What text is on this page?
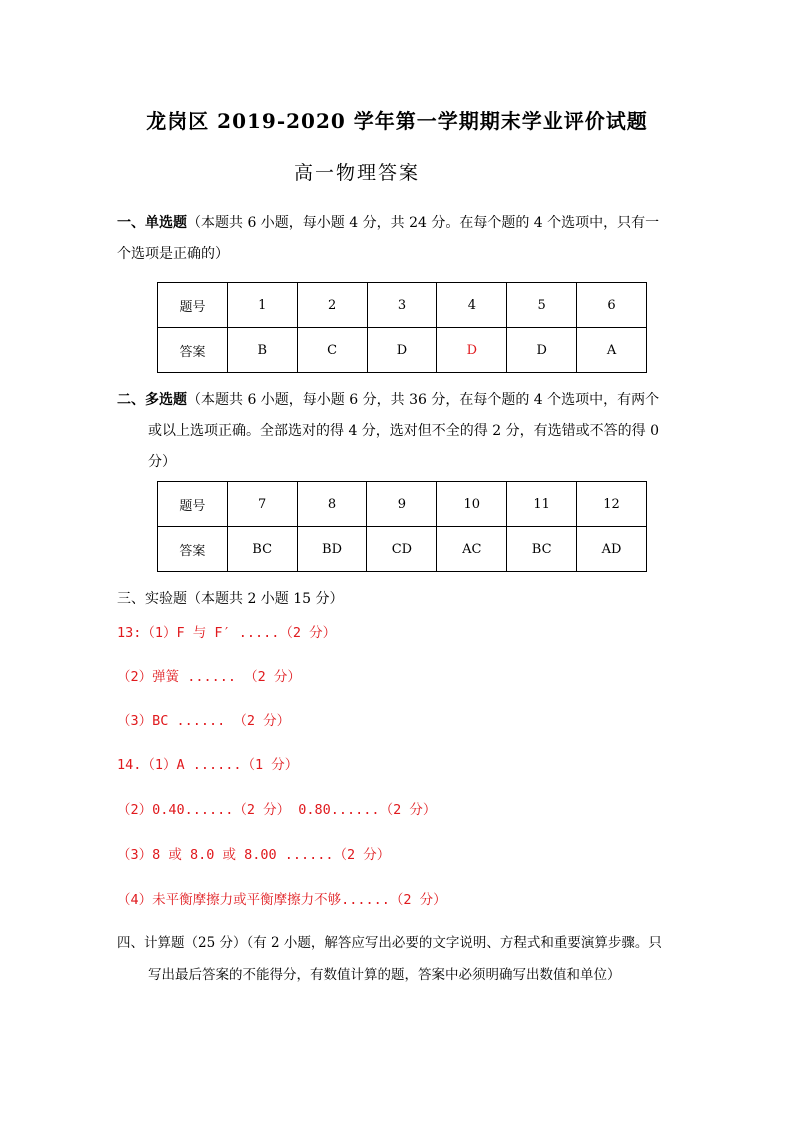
龙岗区 2019-2020 学年第一学期期末学业评价试题
高一物理答案
一、单选题（本题共 6 小题，每小题 4 分，共 24 分。在每个题的 4 个选项中，只有一
个选项是正确的）
题号	1	2	3	4	5	6
答案	B	C	D	D	D	A
二、多选题（本题共 6 小题，每小题 6 分，共 36 分，在每个题的 4 个选项中，有两个
或以上选项正确。全部选对的得 4 分，选对但不全的得 2 分，有选错或不答的得 0
分）
题号	7	8	9	10	11	12
答案	BC	BD	CD	AC	BC	AD
三、实验题（本题共 2 小题 15 分）
13:（1）F 与 F′ .....（2 分）
（2）弹簧 ...... （2 分）
（3）BC ...... （2 分）
14.（1）A ......（1 分）
（2）0.40......（2 分） 0.80......（2 分）
（3）8 或 8.0 或 8.00 ......（2 分）
（4）未平衡摩擦力或平衡摩擦力不够......（2 分）
四、计算题（25 分）（有 2 小题，解答应写出必要的文字说明、方程式和重要演算步骤。只
写出最后答案的不能得分，有数值计算的题，答案中必须明确写出数值和单位）
